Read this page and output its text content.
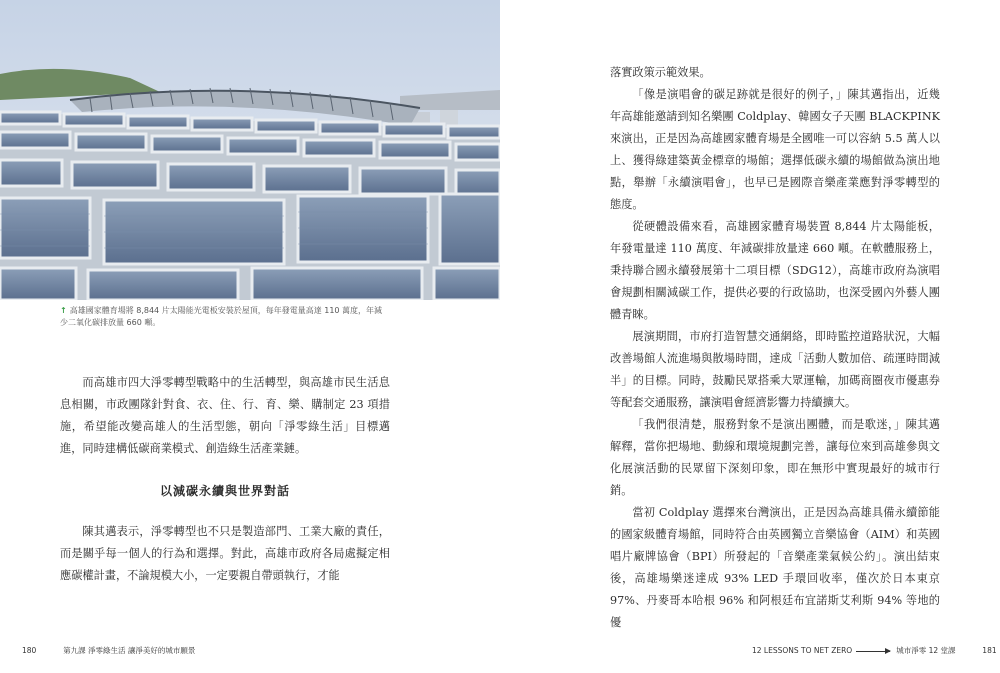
↑ 高雄國家體育場將 8,844 片太陽能光電板安裝於屋頂，每年發電量高達 110 萬度，年減少二氧化碳排放量 660 噸。

而高雄市四大淨零轉型戰略中的生活轉型，與高雄市民生活息息相關，市政團隊針對食、衣、住、行、育、樂、購制定 23 項措施，希望能改變高雄人的生活型態，朝向「淨零綠生活」目標邁進，同時建構低碳商業模式、創造綠生活產業鏈。

以減碳永續與世界對話

陳其邁表示，淨零轉型也不只是製造部門、工業大廠的責任，而是關乎每一個人的行為和選擇。對此，高雄市政府各局處擬定相應碳權計畫，不論規模大小，一定要親自帶頭執行，才能

180	第九課 淨零綠生活 讓淨美好的城市願景

落實政策示範效果。

「像是演唱會的碳足跡就是很好的例子，」陳其邁指出，近幾年高雄能邀請到知名樂團 Coldplay、韓國女子天團 BLACKPINK 來演出，正是因為高雄國家體育場是全國唯一可以容納 5.5 萬人以上、獲得綠建築黃金標章的場館；選擇低碳永續的場館做為演出地點，舉辦「永續演唱會」，也早已是國際音樂產業應對淨零轉型的態度。

從硬體設備來看，高雄國家體育場裝置 8,844 片太陽能板，年發電量達 110 萬度、年減碳排放量達 660 噸。在軟體服務上，秉持聯合國永續發展第十二項目標（SDG12），高雄市政府為演唱會規劃相關減碳工作，提供必要的行政協助，也深受國內外藝人團體青睞。

展演期間，市府打造智慧交通網絡，即時監控道路狀況，大幅改善場館人流進場與散場時間，達成「活動人數加倍、疏運時間減半」的目標。同時，鼓勵民眾搭乘大眾運輸，加碼商圈夜市優惠券等配套交通服務，讓演唱會經濟影響力持續擴大。

「我們很清楚，服務對象不是演出團體，而是歌迷，」陳其邁解釋，當你把場地、動線和環境規劃完善，讓每位來到高雄參與文化展演活動的民眾留下深刻印象，即在無形中實現最好的城市行銷。

當初 Coldplay 選擇來台灣演出，正是因為高雄具備永續節能的國家級體育場館，同時符合由英國獨立音樂協會（AIM）和英國唱片廠牌協會（BPI）所發起的「音樂產業氣候公約」。演出結束後，高雄場樂迷達成 93% LED 手環回收率，僅次於日本東京 97%、丹麥哥本哈根 96% 和阿根廷布宜諾斯艾利斯 94% 等地的優

12 LESSONS TO NET ZERO	城市淨零 12 堂課	181
